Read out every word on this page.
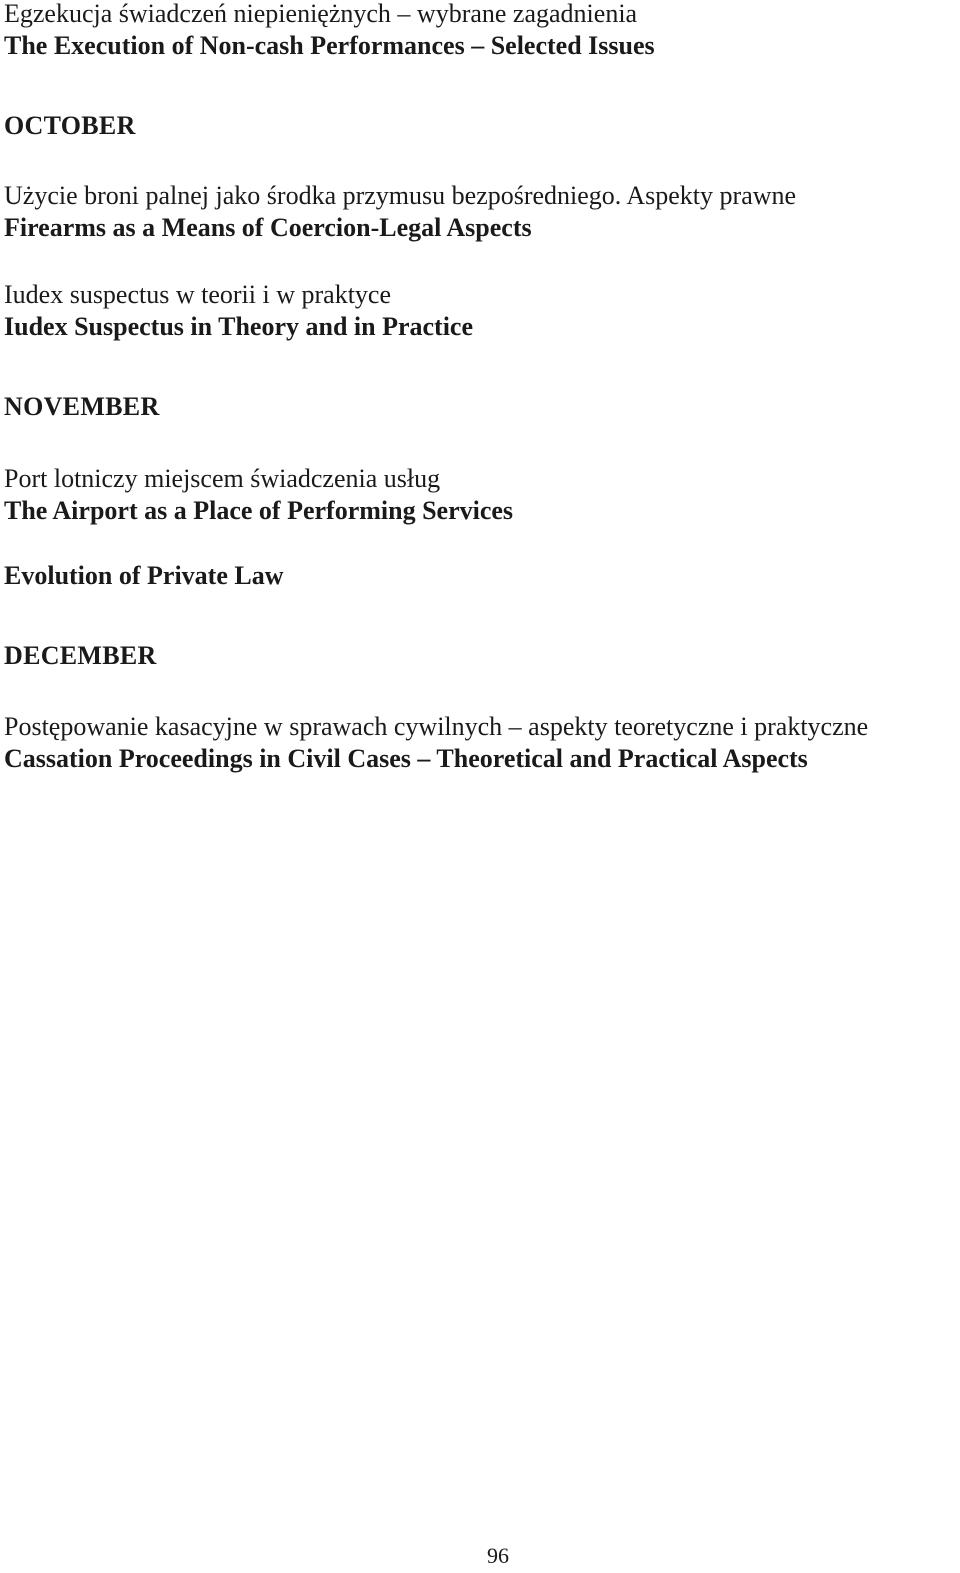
Egzekucja świadczeń niepieniężnych – wybrane zagadnienia
The Execution of Non-cash Performances – Selected Issues
OCTOBER
Użycie broni palnej jako środka przymusu bezpośredniego. Aspekty prawne
Firearms as a Means of Coercion-Legal Aspects
Iudex suspectus w teorii i w praktyce
Iudex Suspectus in Theory and in Practice
NOVEMBER
Port lotniczy miejscem świadczenia usług
The Airport as a Place of Performing Services
Evolution of Private Law
DECEMBER
Postępowanie kasacyjne w sprawach cywilnych – aspekty teoretyczne i praktyczne
Cassation Proceedings in Civil Cases – Theoretical and Practical Aspects
96
